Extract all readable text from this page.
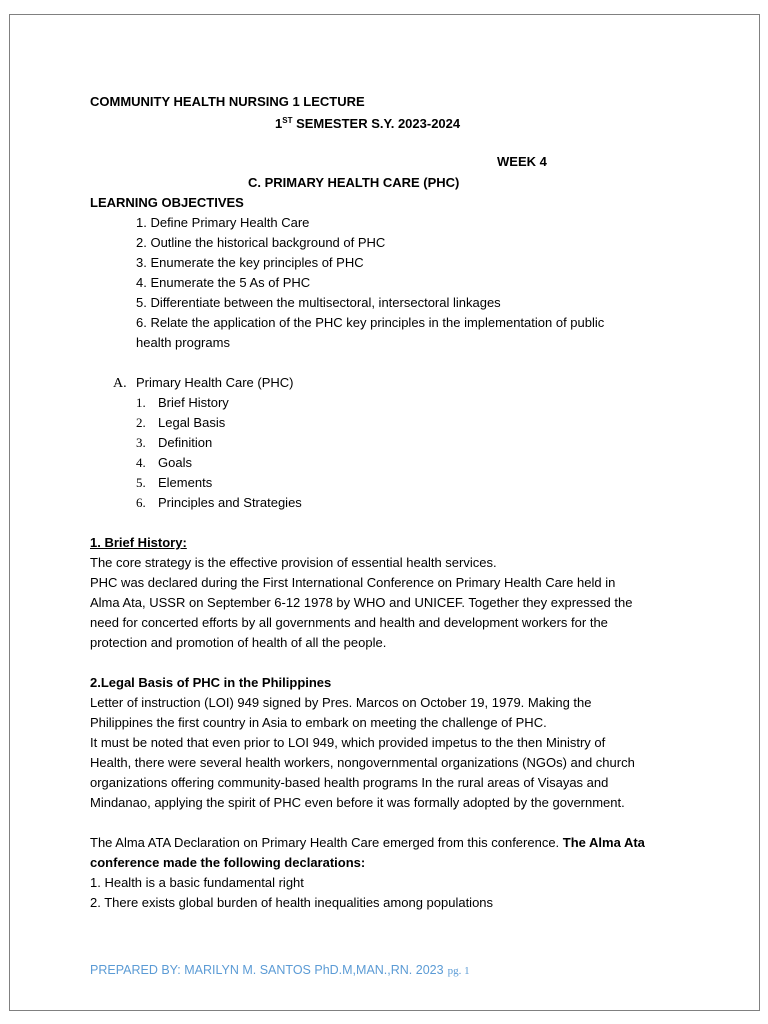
COMMUNITY HEALTH NURSING 1 LECTURE
1ST SEMESTER S.Y. 2023-2024
WEEK 4
C. PRIMARY HEALTH CARE (PHC)
LEARNING OBJECTIVES
1. Define Primary Health Care
2. Outline the historical background of PHC
3. Enumerate the key principles of PHC
4. Enumerate the 5 As of PHC
5. Differentiate between the multisectoral, intersectoral linkages
6. Relate the application of the PHC key principles in the implementation of public
health programs
A. Primary Health Care (PHC)
1. Brief History
2. Legal Basis
3. Definition
4. Goals
5. Elements
6. Principles and Strategies
1. Brief History:
The core strategy is the effective provision of essential health services.
PHC was declared during the First International Conference on Primary Health Care held in
Alma Ata, USSR on September 6-12 1978 by WHO and UNICEF. Together they expressed the
need for concerted efforts by all governments and health and development workers for the
protection and promotion of health of all the people.
2.Legal Basis of PHC in the Philippines
Letter of instruction (LOI) 949 signed by Pres. Marcos on October 19, 1979. Making the
Philippines the first country in Asia to embark on meeting the challenge of PHC.
It must be noted that even prior to LOI 949, which provided impetus to the then Ministry of
Health, there were several health workers, nongovernmental organizations (NGOs) and church
organizations offering community-based health programs In the rural areas of Visayas and
Mindanao, applying the spirit of PHC even before it was formally adopted by the government.
The Alma ATA Declaration on Primary Health Care emerged from this conference. The Alma Ata
conference made the following declarations:
1. Health is a basic fundamental right
2. There exists global burden of health inequalities among populations
PREPARED BY: MARILYN M. SANTOS PhD.M,MAN.,RN. 2023 pg. 1
